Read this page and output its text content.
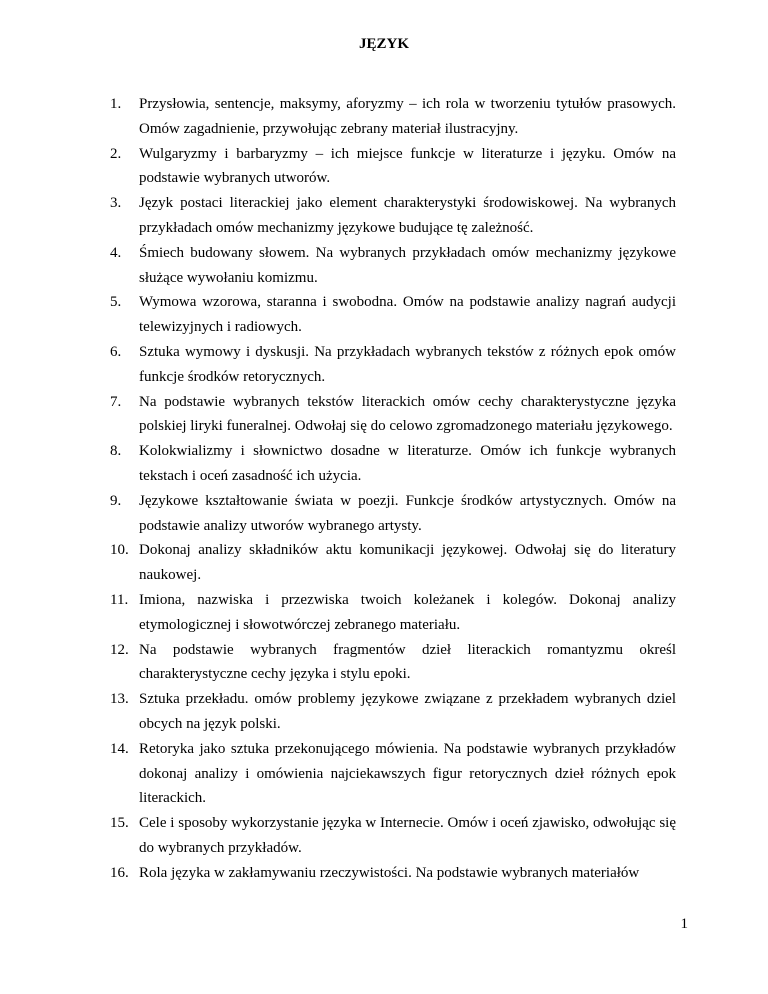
JĘZYK
1. Przysłowia, sentencje, maksymy, aforyzmy – ich rola w tworzeniu tytułów prasowych. Omów zagadnienie, przywołując zebrany materiał ilustracyjny.
2. Wulgaryzmy i barbaryzmy – ich miejsce funkcje w literaturze i języku. Omów na podstawie wybranych utworów.
3. Język postaci literackiej jako element charakterystyki środowiskowej. Na wybranych przykładach omów mechanizmy językowe budujące tę zależność.
4. Śmiech budowany słowem. Na wybranych przykładach omów mechanizmy językowe służące wywołaniu komizmu.
5. Wymowa wzorowa, staranna i swobodna. Omów na podstawie analizy nagrań audycji telewizyjnych i radiowych.
6. Sztuka wymowy i dyskusji. Na przykładach wybranych tekstów z różnych epok omów funkcje środków retorycznych.
7. Na podstawie wybranych tekstów literackich omów cechy charakterystyczne języka polskiej liryki funeralnej. Odwołaj się do celowo zgromadzonego materiału językowego.
8. Kolokwializmy i słownictwo dosadne w literaturze. Omów ich funkcje wybranych tekstach i oceń zasadność ich użycia.
9. Językowe kształtowanie świata w poezji. Funkcje środków artystycznych. Omów na podstawie analizy utworów wybranego artysty.
10. Dokonaj analizy składników aktu komunikacji językowej. Odwołaj się do literatury naukowej.
11. Imiona, nazwiska i przezwiska twoich koleżanek i kolegów. Dokonaj analizy etymologicznej i słowotwórczej zebranego materiału.
12. Na podstawie wybranych fragmentów dzieł literackich romantyzmu określ charakterystyczne cechy języka i stylu epoki.
13. Sztuka przekładu. omów problemy językowe związane z przekładem wybranych dziel obcych na język polski.
14. Retoryka jako sztuka przekonującego mówienia. Na podstawie wybranych przykładów dokonaj analizy i omówienia najciekawszych figur retorycznych dzieł różnych epok literackich.
15. Cele i sposoby wykorzystanie języka w Internecie. Omów i oceń zjawisko, odwołując się do wybranych przykładów.
16. Rola języka w zakłamywaniu rzeczywistości. Na podstawie wybranych materiałów
1
